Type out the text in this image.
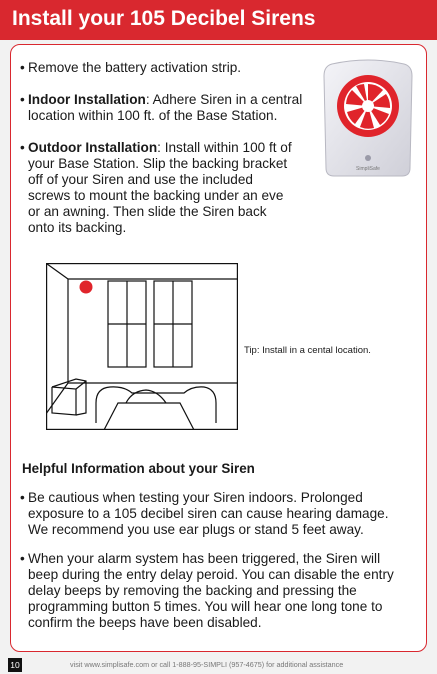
Install your 105 Decibel Sirens
• Remove the battery activation strip.
• Indoor Installation: Adhere Siren in a central location within 100 ft. of the Base Station.
• Outdoor Installation: Install within 100 ft of your Base Station. Slip the backing bracket off of your Siren and use the included screws to mount the backing under an eve or an awning. Then slide the Siren back onto its backing.
SimpliSafe
Tip: Install in a cental location.
Helpful Information about your Siren
• Be cautious when testing your Siren indoors. Prolonged exposure to a 105 decibel siren can cause hearing damage. We recommend you use ear plugs or stand 5 feet away.
• When your alarm system has been triggered, the Siren will beep during the entry delay peroid. You can disable the entry delay beeps by removing the backing and pressing the programming button 5 times. You will hear one long tone to confirm the beeps have been disabled.
10	visit www.simplisafe.com or call 1-888-95-SIMPLI (957-4675) for additional assistance
